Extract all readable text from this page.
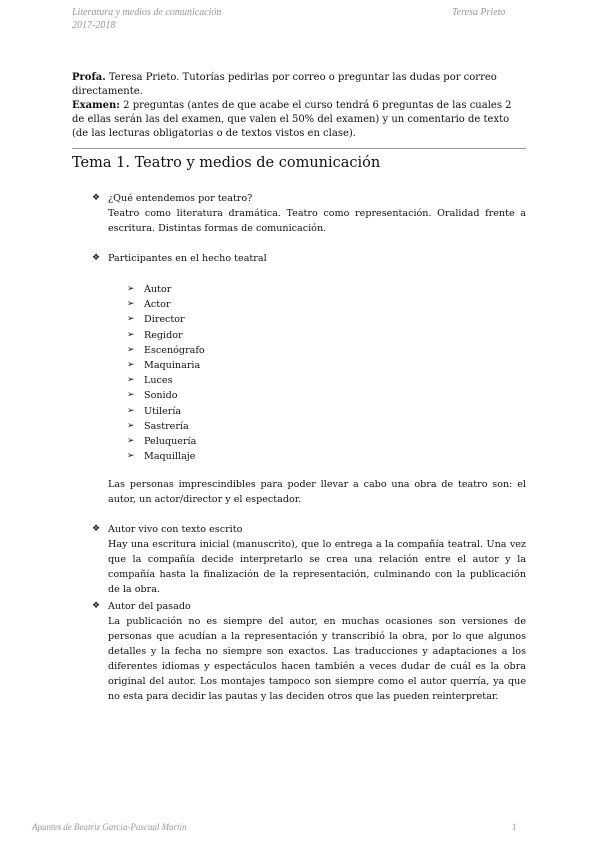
Literatura y medios de comunicación
2017-2018
Teresa Prieto

Profa. Teresa Prieto. Tutorías pedirlas por correo o preguntar las dudas por correo directamente.

Examen: 2 preguntas (antes de que acabe el curso tendrá 6 preguntas de las cuales 2 de ellas serán las del examen, que valen el 50% del examen) y un comentario de texto (de las lecturas obligatorias o de textos vistos en clase).

Tema 1. Teatro y medios de comunicación
❖ ¿Qué entendemos por teatro?
Teatro como literatura dramática. Teatro como representación. Oralidad frente a escritura. Distintas formas de comunicación.
❖ Participantes en el hecho teatral
➢ Autor
➢ Actor
➢ Director
➢ Regidor
➢ Escenógrafo
➢ Maquinaria
➢ Luces
➢ Sonido
➢ Utilería
➢ Sastrería
➢ Peluquería
➢ Maquillaje

Las personas imprescindibles para poder llevar a cabo una obra de teatro son: el autor, un actor/director y el espectador.

❖ Autor vivo con texto escrito
Hay una escritura inicial (manuscrito), que lo entrega a la compañía teatral. Una vez que la compañía decide interpretarlo se crea una relación entre el autor y la compañía hasta la finalización de la representación, culminando con la publicación de la obra.
❖ Autor del pasado
La publicación no es siempre del autor, en muchas ocasiones son versiones de personas que acudían a la representación y transcribió la obra, por lo que algunos detalles y la fecha no siempre son exactos. Las traducciones y adaptaciones a los diferentes idiomas y espectáculos hacen también a veces dudar de cuál es la obra original del autor. Los montajes tampoco son siempre como el autor querría, ya que no esta para decidir las pautas y las deciden otros que las pueden reinterpretar.
Apuntes de Beatriz García-Pascual Martín	1
